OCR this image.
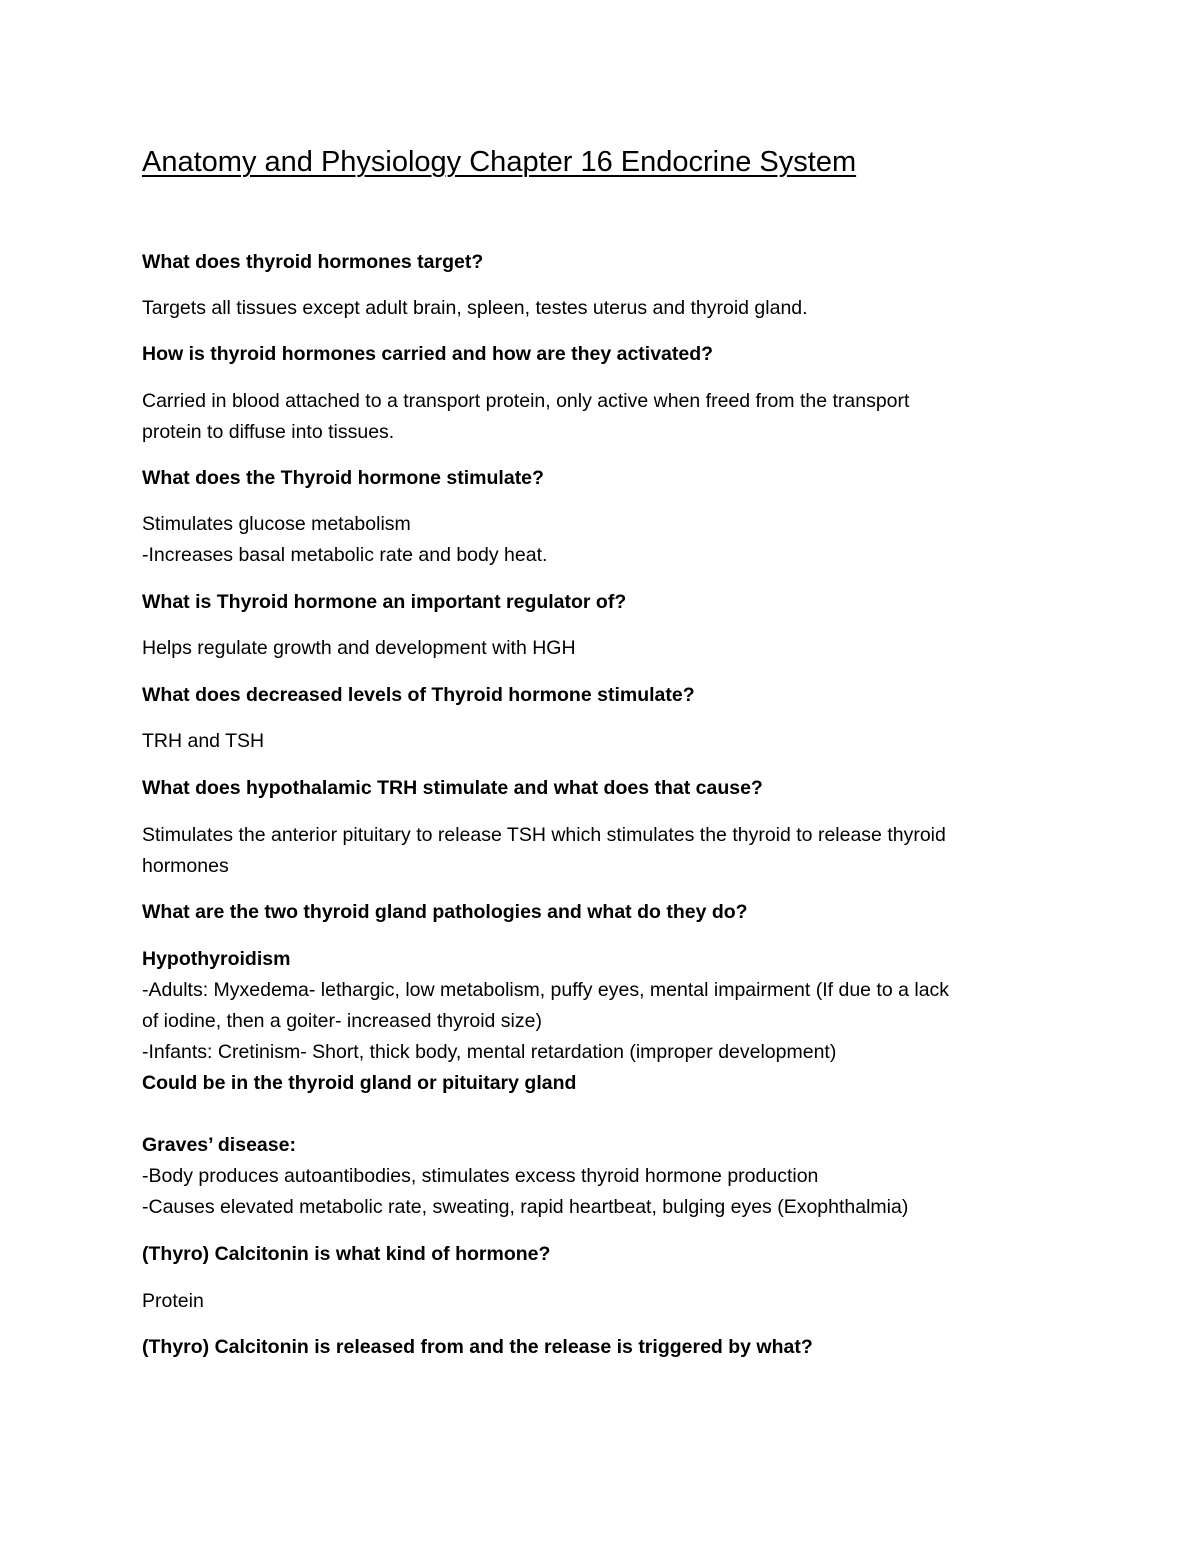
Anatomy and Physiology Chapter 16 Endocrine System

What does thyroid hormones target?

Targets all tissues except adult brain, spleen, testes uterus and thyroid gland.

How is thyroid hormones carried and how are they activated?

Carried in blood attached to a transport protein, only active when freed from the transport

protein to diffuse into tissues.

What does the Thyroid hormone stimulate?

Stimulates glucose metabolism

-Increases basal metabolic rate and body heat.

What is Thyroid hormone an important regulator of?

Helps regulate growth and development with HGH

What does decreased levels of Thyroid hormone stimulate?

TRH and TSH

What does hypothalamic TRH stimulate and what does that cause?

Stimulates the anterior pituitary to release TSH which stimulates the thyroid to release thyroid

hormones

What are the two thyroid gland pathologies and what do they do?

Hypothyroidism

-Adults: Myxedema- lethargic, low metabolism, puffy eyes, mental impairment (If due to a lack

of iodine, then a goiter- increased thyroid size)

-Infants: Cretinism- Short, thick body, mental retardation (improper development)

Could be in the thyroid gland or pituitary gland

Graves’ disease:

-Body produces autoantibodies, stimulates excess thyroid hormone production

-Causes elevated metabolic rate, sweating, rapid heartbeat, bulging eyes (Exophthalmia)

(Thyro) Calcitonin is what kind of hormone?

Protein

(Thyro) Calcitonin is released from and the release is triggered by what?
